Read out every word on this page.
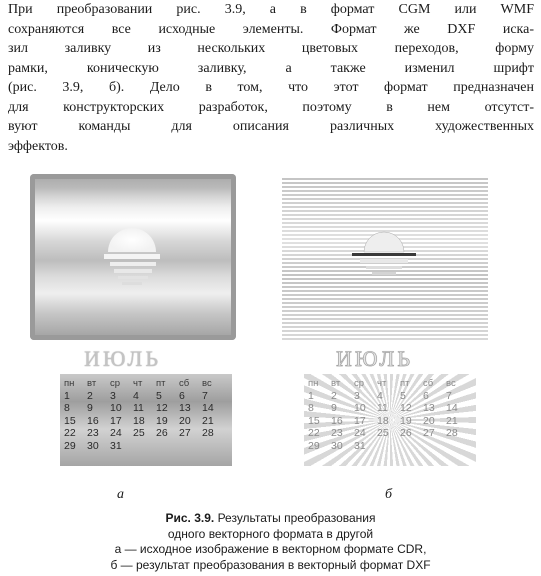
При преобразовании рис. 3.9, а в формат CGM или WMF
сохраняются все исходные элементы. Формат же DXF иска-
зил заливку из нескольких цветовых переходов, форму
рамки, коническую заливку, а также изменил шрифт
(рис. 3.9, б). Дело в том, что этот формат предназначен
для конструкторских разработок, поэтому в нем отсутст-
вуют команды для описания различных художественных
эффектов.
ИЮЛЬ	ИЮЛЬ
пн	вт	ср	чт	пт	сб	вс
1	2	3	4	5	6	7
8	9	10	11	12	13	14
15	16	17	18	19	20	21
22	23	24	25	26	27	28
29	30	31				
пн	вт	ср	чт	пт	сб	вс
1	2	3	4	5	6	7
8	9	10	11	12	13	14
15	16	17	18	19	20	21
22	23	24	25	26	27	28
29	30	31				
а	б
Рис. 3.9. Результаты преобразования
одного векторного формата в другой
а — исходное изображение в векторном формате CDR,
б — результат преобразования в векторный формат DXF
